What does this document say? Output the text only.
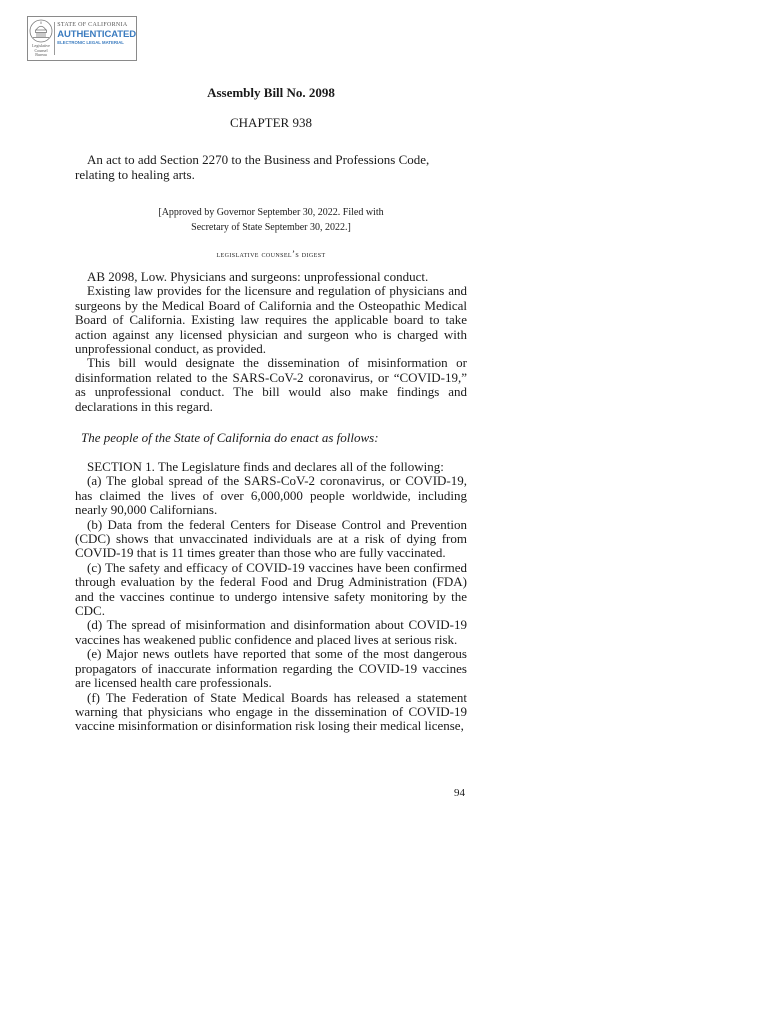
Legislative
Counsel
Bureau
STATE OF CALIFORNIA
AUTHENTICATED
ELECTRONIC LEGAL MATERIAL
Assembly Bill No. 2098
CHAPTER 938

An act to add Section 2270 to the Business and Professions Code, relating to healing arts.

[Approved by Governor September 30, 2022. Filed with
Secretary of State September 30, 2022.]
legislative counsel’s digest

AB 2098, Low. Physicians and surgeons: unprofessional conduct.

Existing law provides for the licensure and regulation of physicians and surgeons by the Medical Board of California and the Osteopathic Medical Board of California. Existing law requires the applicable board to take action against any licensed physician and surgeon who is charged with unprofessional conduct, as provided.

This bill would designate the dissemination of misinformation or disinformation related to the SARS-CoV-2 coronavirus, or “COVID-19,” as unprofessional conduct. The bill would also make findings and declarations in this regard.

The people of the State of California do enact as follows:

SECTION 1. The Legislature finds and declares all of the following:

(a) The global spread of the SARS-CoV-2 coronavirus, or COVID-19, has claimed the lives of over 6,000,000 people worldwide, including nearly 90,000 Californians.

(b) Data from the federal Centers for Disease Control and Prevention (CDC) shows that unvaccinated individuals are at a risk of dying from COVID-19 that is 11 times greater than those who are fully vaccinated.

(c) The safety and efficacy of COVID-19 vaccines have been confirmed through evaluation by the federal Food and Drug Administration (FDA) and the vaccines continue to undergo intensive safety monitoring by the CDC.

(d) The spread of misinformation and disinformation about COVID-19 vaccines has weakened public confidence and placed lives at serious risk.

(e) Major news outlets have reported that some of the most dangerous propagators of inaccurate information regarding the COVID-19 vaccines are licensed health care professionals.

(f) The Federation of State Medical Boards has released a statement warning that physicians who engage in the dissemination of COVID-19 vaccine misinformation or disinformation risk losing their medical license,

94
